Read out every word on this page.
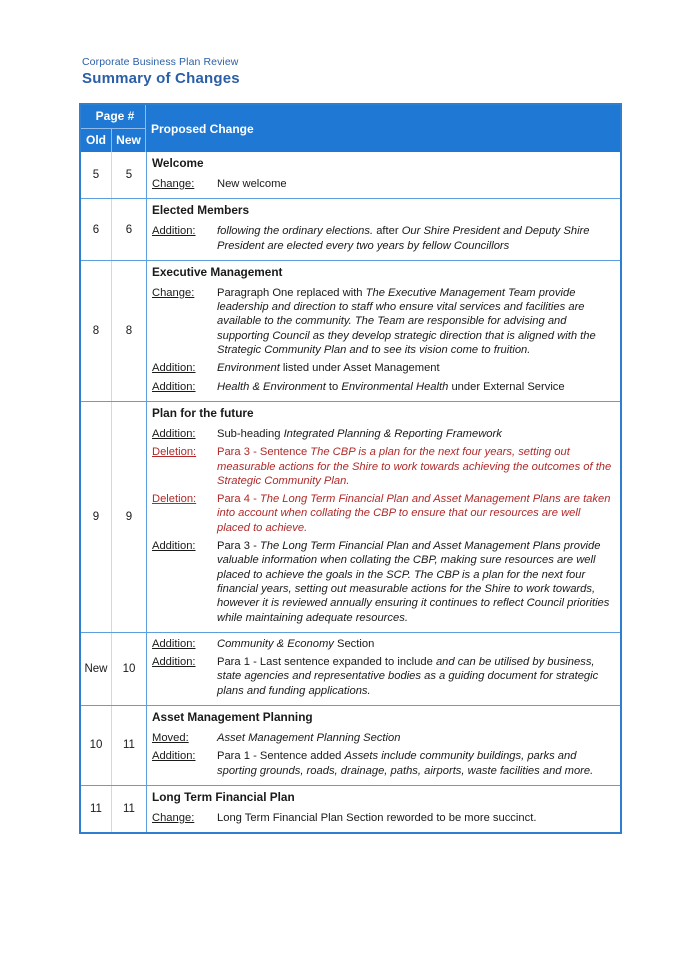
Corporate Business Plan Review
Summary of Changes
Page #
Old New
Proposed Change
5	5
Welcome
Change:	New welcome
6	6
Elected Members
Addition:	following the ordinary elections. after Our Shire President and Deputy Shire President are elected every two years by fellow Councillors
8	8
Executive Management
Change:	Paragraph One replaced with The Executive Management Team provide leadership and direction to staff who ensure vital services and facilities are available to the community. The Team are responsible for advising and supporting Council as they develop strategic direction that is aligned with the Strategic Community Plan and to see its vision come to fruition.
Addition:	Environment listed under Asset Management
Addition:	Health & Environment to Environmental Health under External Service
9	9
Plan for the future
Addition:	Sub-heading Integrated Planning & Reporting Framework
Deletion:	Para 3 - Sentence The CBP is a plan for the next four years, setting out measurable actions for the Shire to work towards achieving the outcomes of the Strategic Community Plan.
Deletion:	Para 4 - The Long Term Financial Plan and Asset Management Plans are taken into account when collating the CBP to ensure that our resources are well placed to achieve.
Addition:	Para 3 - The Long Term Financial Plan and Asset Management Plans provide valuable information when collating the CBP, making sure resources are well placed to achieve the goals in the SCP. The CBP is a plan for the next four financial years, setting out measurable actions for the Shire to work towards, however it is reviewed annually ensuring it continues to reflect Council priorities while maintaining adequate resources.
New	10
Addition:	Community & Economy Section
Addition:	Para 1 - Last sentence expanded to include and can be utilised by business, state agencies and representative bodies as a guiding document for strategic plans and funding applications.
10	11
Asset Management Planning
Moved:	Asset Management Planning Section
Addition:	Para 1 - Sentence added Assets include community buildings, parks and sporting grounds, roads, drainage, paths, airports, waste facilities and more.
11	11
Long Term Financial Plan
Change:	Long Term Financial Plan Section reworded to be more succinct.
